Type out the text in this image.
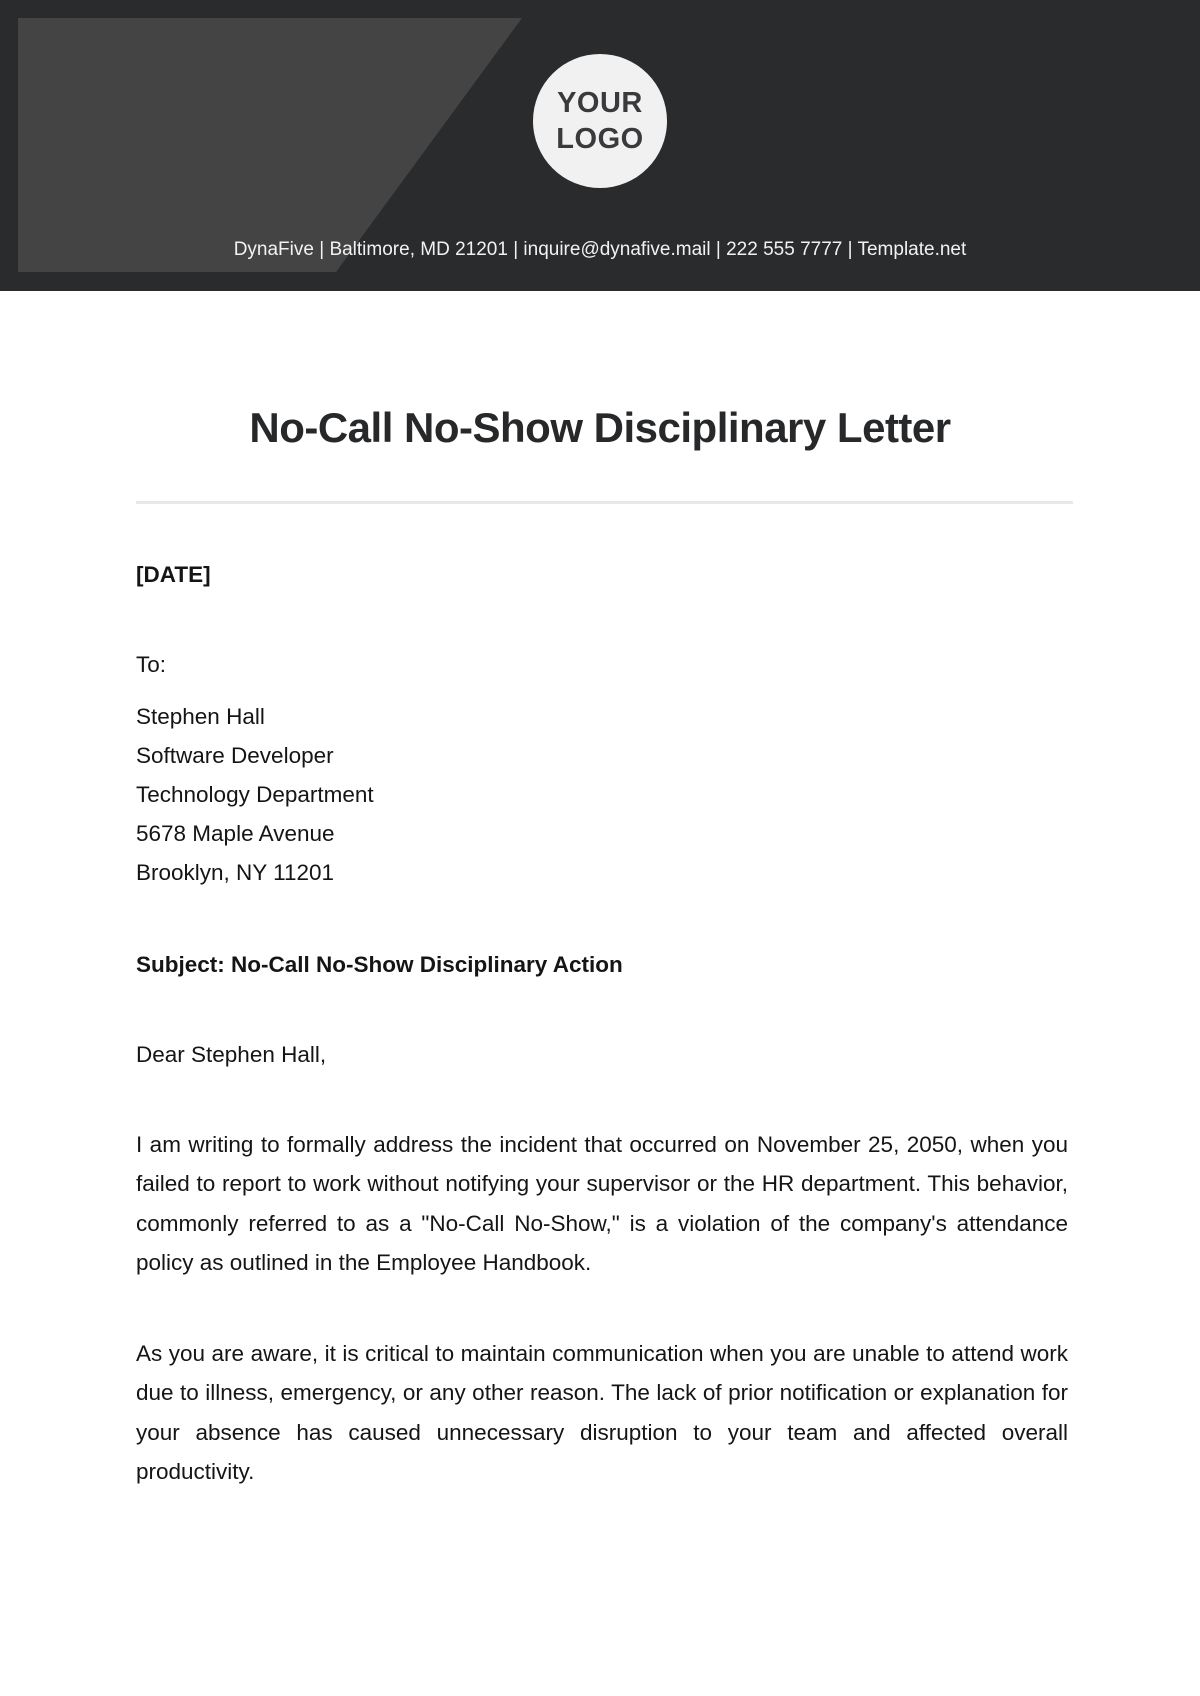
YOUR
LOGO
DynaFive | Baltimore, MD 21201 | inquire@dynafive.mail | 222 555 7777 | Template.net
No-Call No-Show Disciplinary Letter
[DATE]
To:
Stephen Hall
Software Developer
Technology Department
5678 Maple Avenue
Brooklyn, NY 11201
Subject: No-Call No-Show Disciplinary Action
Dear Stephen Hall,

I am writing to formally address the incident that occurred on November 25, 2050, when you failed to report to work without notifying your supervisor or the HR department. This behavior, commonly referred to as a "No-Call No-Show," is a violation of the company's attendance policy as outlined in the Employee Handbook.

As you are aware, it is critical to maintain communication when you are unable to attend work due to illness, emergency, or any other reason. The lack of prior notification or explanation for your absence has caused unnecessary disruption to your team and affected overall productivity.
